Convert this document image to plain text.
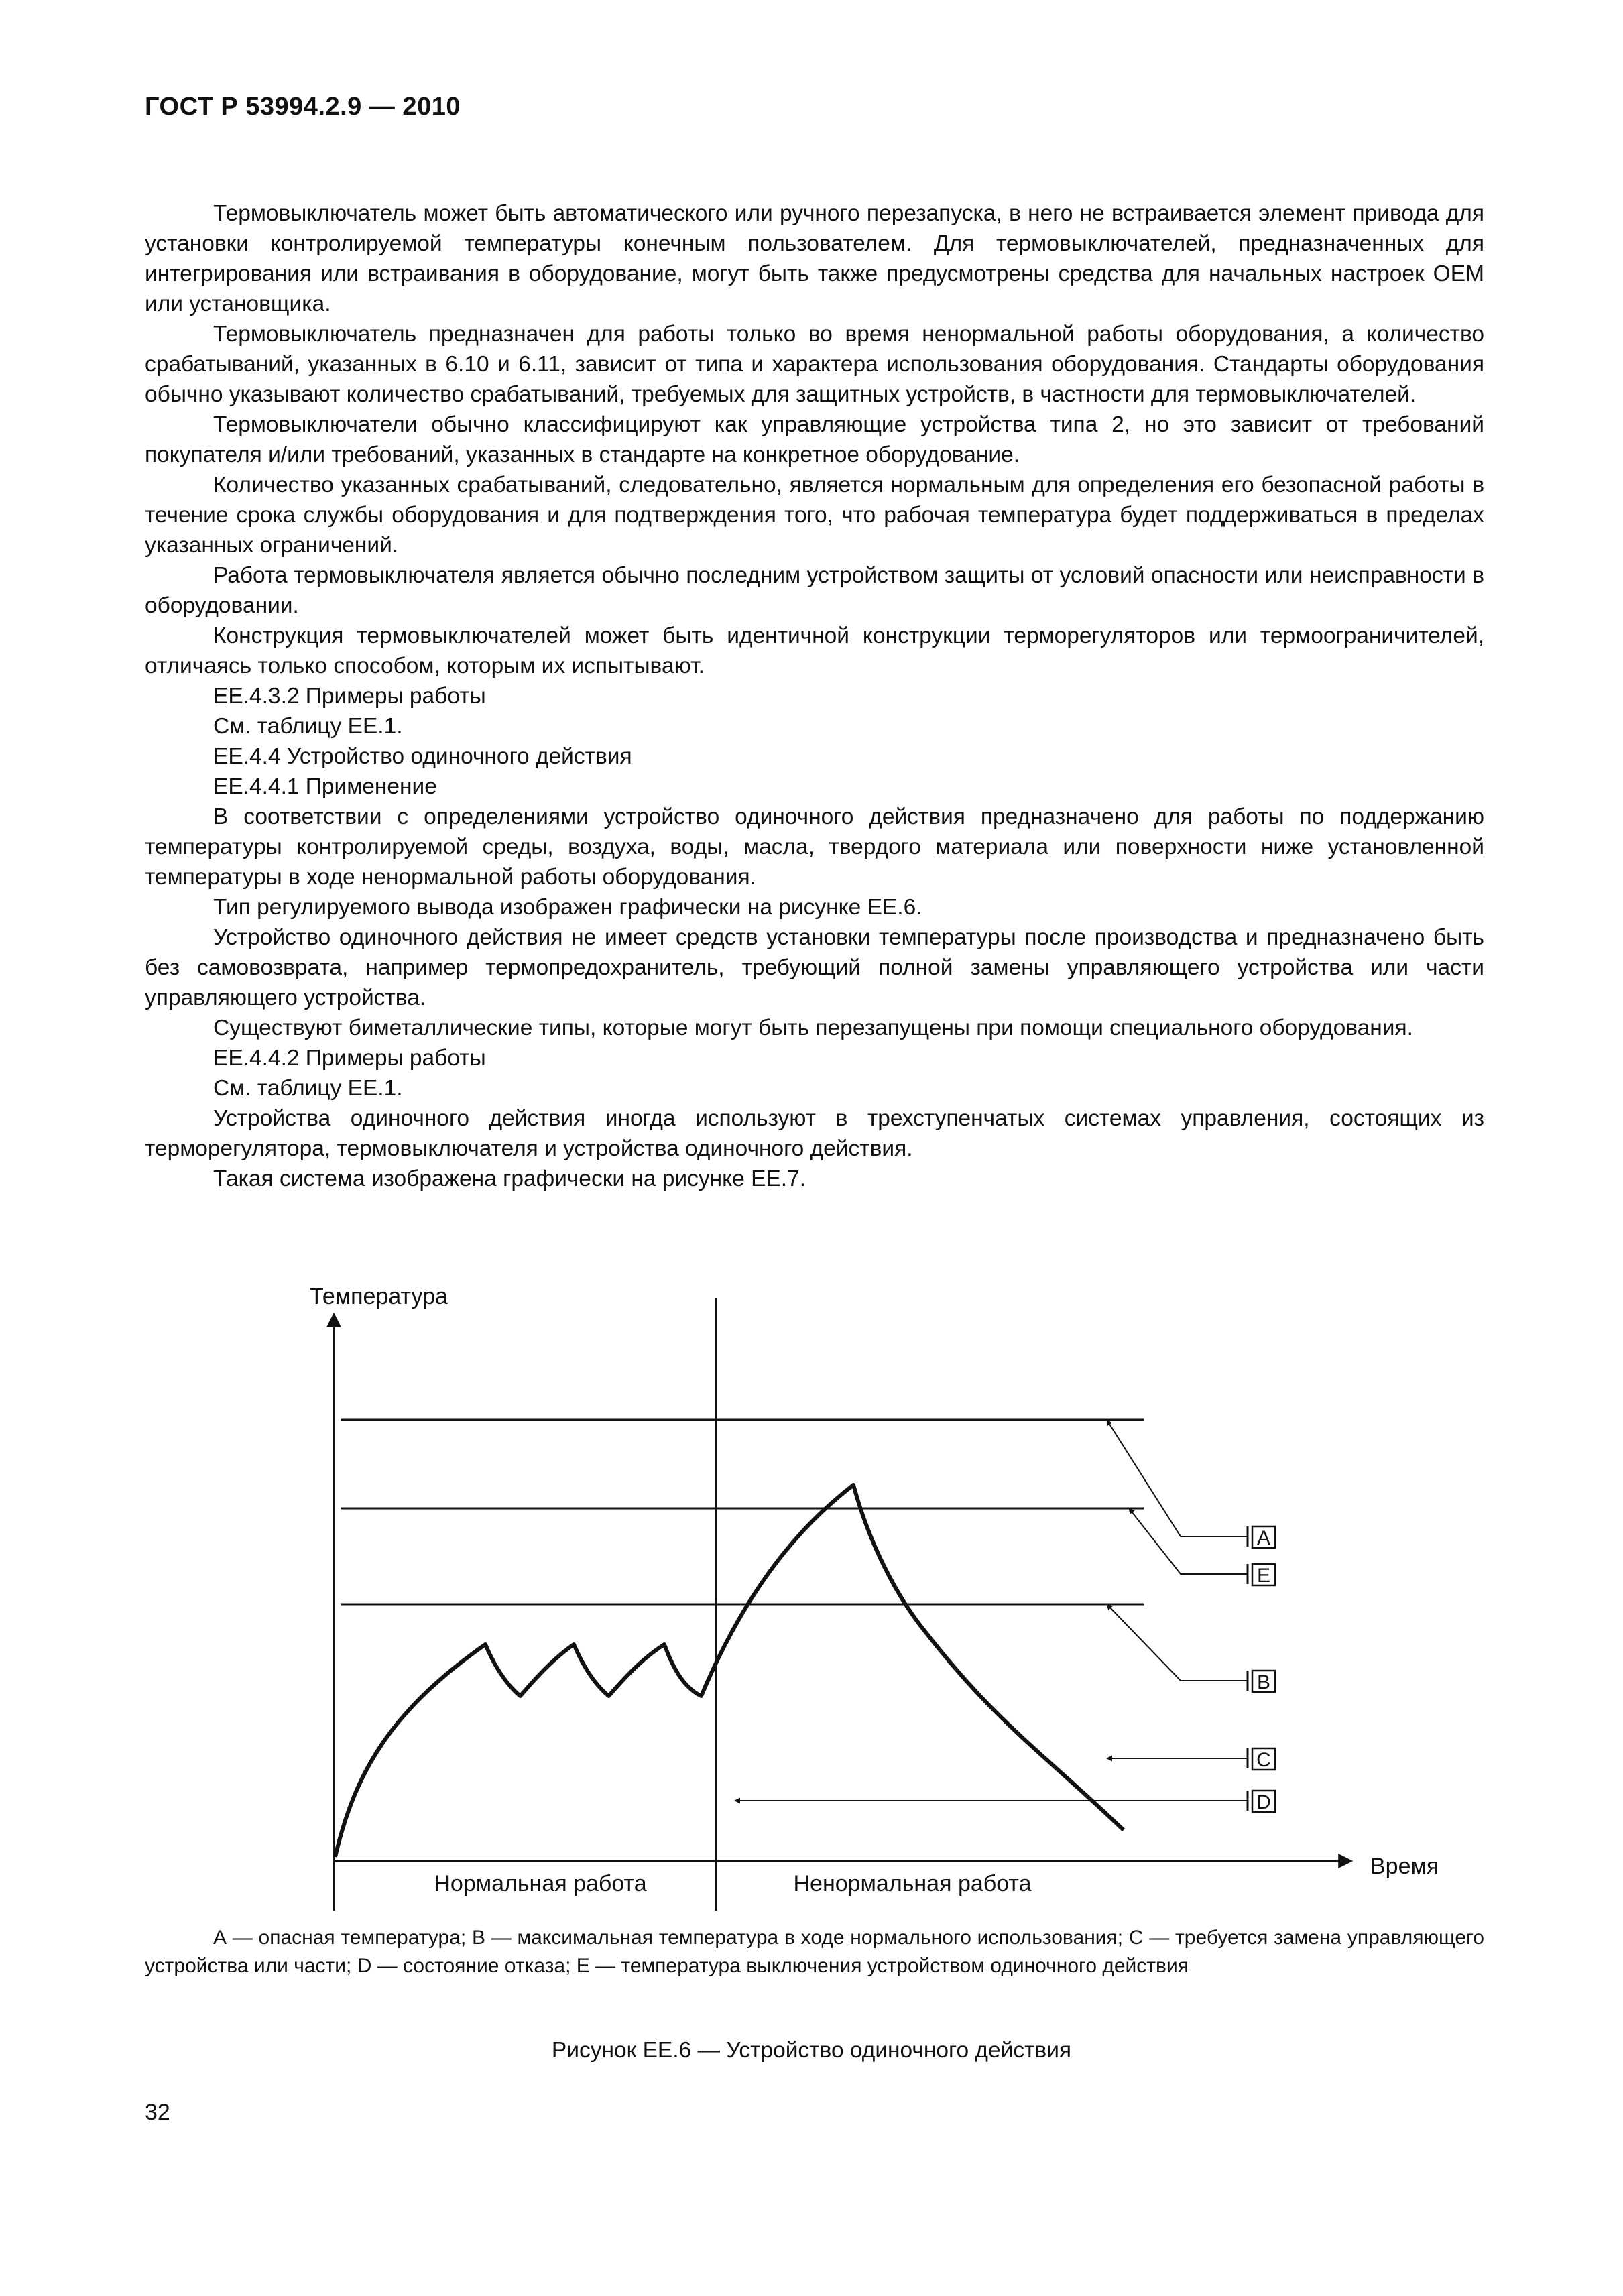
ГОСТ Р 53994.2.9 — 2010

Термовыключатель может быть автоматического или ручного перезапуска, в него не встраивается элемент привода для установки контролируемой температуры конечным пользователем. Для термовыключателей, предназначенных для интегрирования или встраивания в оборудование, могут быть также предусмотрены средства для начальных настроек ОЕМ или установщика.

Термовыключатель предназначен для работы только во время ненормальной работы оборудования, а количество срабатываний, указанных в 6.10 и 6.11, зависит от типа и характера использования оборудования. Стандарты оборудования обычно указывают количество срабатываний, требуемых для защитных устройств, в частности для термовыключателей.

Термовыключатели обычно классифицируют как управляющие устройства типа 2, но это зависит от требований покупателя и/или требований, указанных в стандарте на конкретное оборудование.

Количество указанных срабатываний, следовательно, является нормальным для определения его безопасной работы в течение срока службы оборудования и для подтверждения того, что рабочая температура будет поддерживаться в пределах указанных ограничений.

Работа термовыключателя является обычно последним устройством защиты от условий опасности или неисправности в оборудовании.

Конструкция термовыключателей может быть идентичной конструкции терморегуляторов или термоограничителей, отличаясь только способом, которым их испытывают.

ЕЕ.4.3.2 Примеры работы

См. таблицу ЕЕ.1.

ЕЕ.4.4 Устройство одиночного действия

ЕЕ.4.4.1 Применение

В соответствии с определениями устройство одиночного действия предназначено для работы по поддержанию температуры контролируемой среды, воздуха, воды, масла, твердого материала или поверхности ниже установленной температуры в ходе ненормальной работы оборудования.

Тип регулируемого вывода изображен графически на рисунке ЕЕ.6.

Устройство одиночного действия не имеет средств установки температуры после производства и предназначено быть без самовозврата, например термопредохранитель, требующий полной замены управляющего устройства или части управляющего устройства.

Существуют биметаллические типы, которые могут быть перезапущены при помощи специального оборудования.

ЕЕ.4.4.2 Примеры работы

См. таблицу ЕЕ.1.

Устройства одиночного действия иногда используют в трехступенчатых системах управления, состоящих из терморегулятора, термовыключателя и устройства одиночного действия.

Такая система изображена графически на рисунке ЕЕ.7.

A
E
B
C
D
Температура
Время
Нормальная работа	Ненормальная работа

А — опасная температура; В — максимальная температура в ходе нормального использования; С — требуется замена управляющего устройства или части; D — состояние отказа; Е — температура выключения устройством одиночного действия

Рисунок ЕЕ.6 — Устройство одиночного действия
32
